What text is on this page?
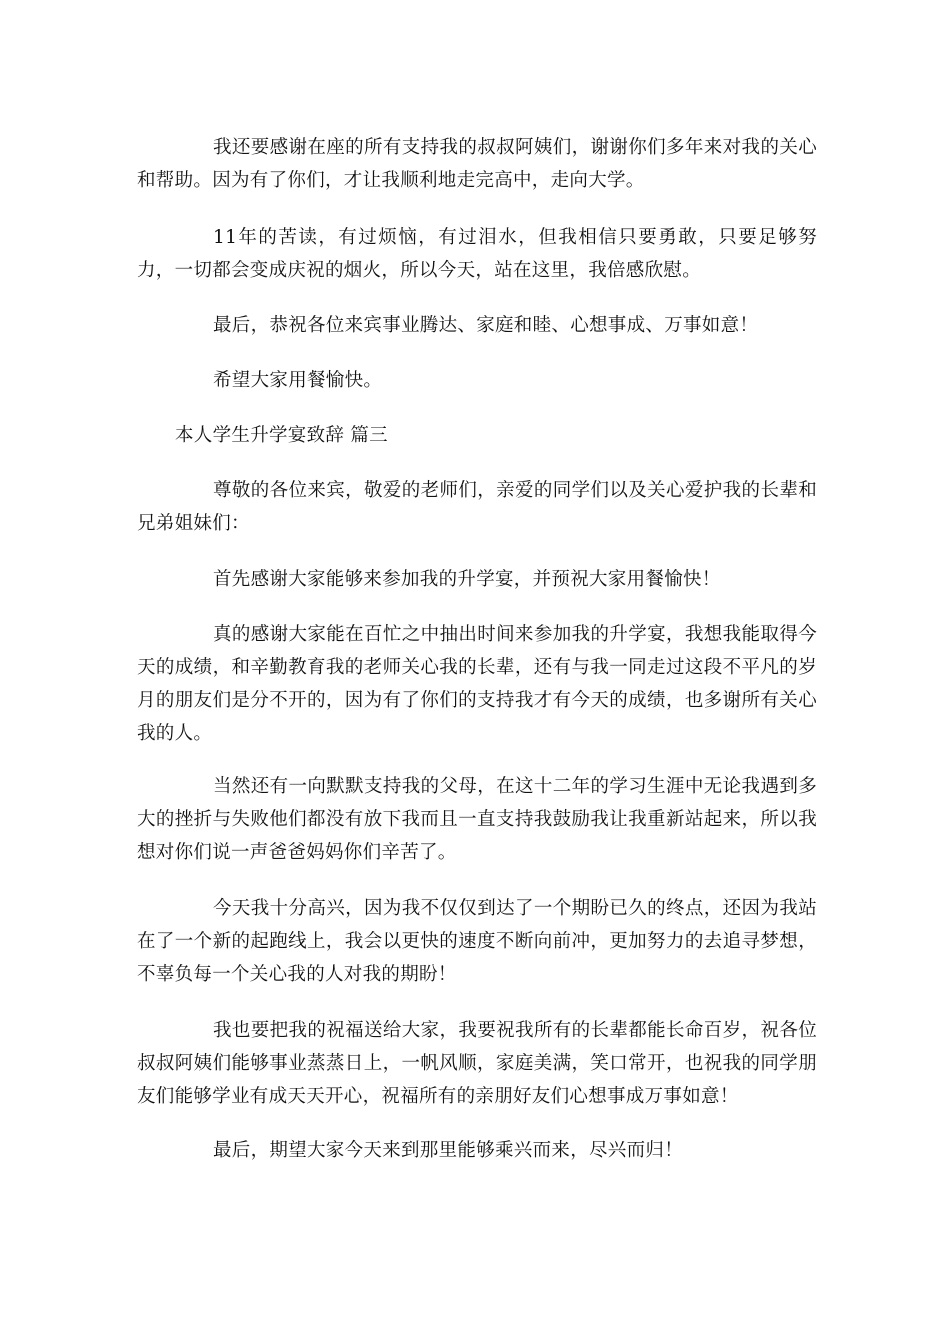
我还要感谢在座的所有支持我的叔叔阿姨们，谢谢你们多年来对我的关心和帮助。因为有了你们，才让我顺利地走完高中，走向大学。

11年的苦读，有过烦恼，有过泪水，但我相信只要勇敢，只要足够努力，一切都会变成庆祝的烟火，所以今天，站在这里，我倍感欣慰。

最后，恭祝各位来宾事业腾达、家庭和睦、心想事成、万事如意！

希望大家用餐愉快。

本人学生升学宴致辞 篇三

尊敬的各位来宾，敬爱的老师们，亲爱的同学们以及关心爱护我的长辈和兄弟姐妹们：

首先感谢大家能够来参加我的升学宴，并预祝大家用餐愉快！

真的感谢大家能在百忙之中抽出时间来参加我的升学宴，我想我能取得今天的成绩，和辛勤教育我的老师关心我的长辈，还有与我一同走过这段不平凡的岁月的朋友们是分不开的，因为有了你们的支持我才有今天的成绩，也多谢所有关心我的人。

当然还有一向默默支持我的父母，在这十二年的学习生涯中无论我遇到多大的挫折与失败他们都没有放下我而且一直支持我鼓励我让我重新站起来，所以我想对你们说一声爸爸妈妈你们辛苦了。

今天我十分高兴，因为我不仅仅到达了一个期盼已久的终点，还因为我站在了一个新的起跑线上，我会以更快的速度不断向前冲，更加努力的去追寻梦想，不辜负每一个关心我的人对我的期盼！

我也要把我的祝福送给大家，我要祝我所有的长辈都能长命百岁，祝各位叔叔阿姨们能够事业蒸蒸日上，一帆风顺，家庭美满，笑口常开，也祝我的同学朋友们能够学业有成天天开心，祝福所有的亲朋好友们心想事成万事如意！

最后，期望大家今天来到那里能够乘兴而来，尽兴而归！
